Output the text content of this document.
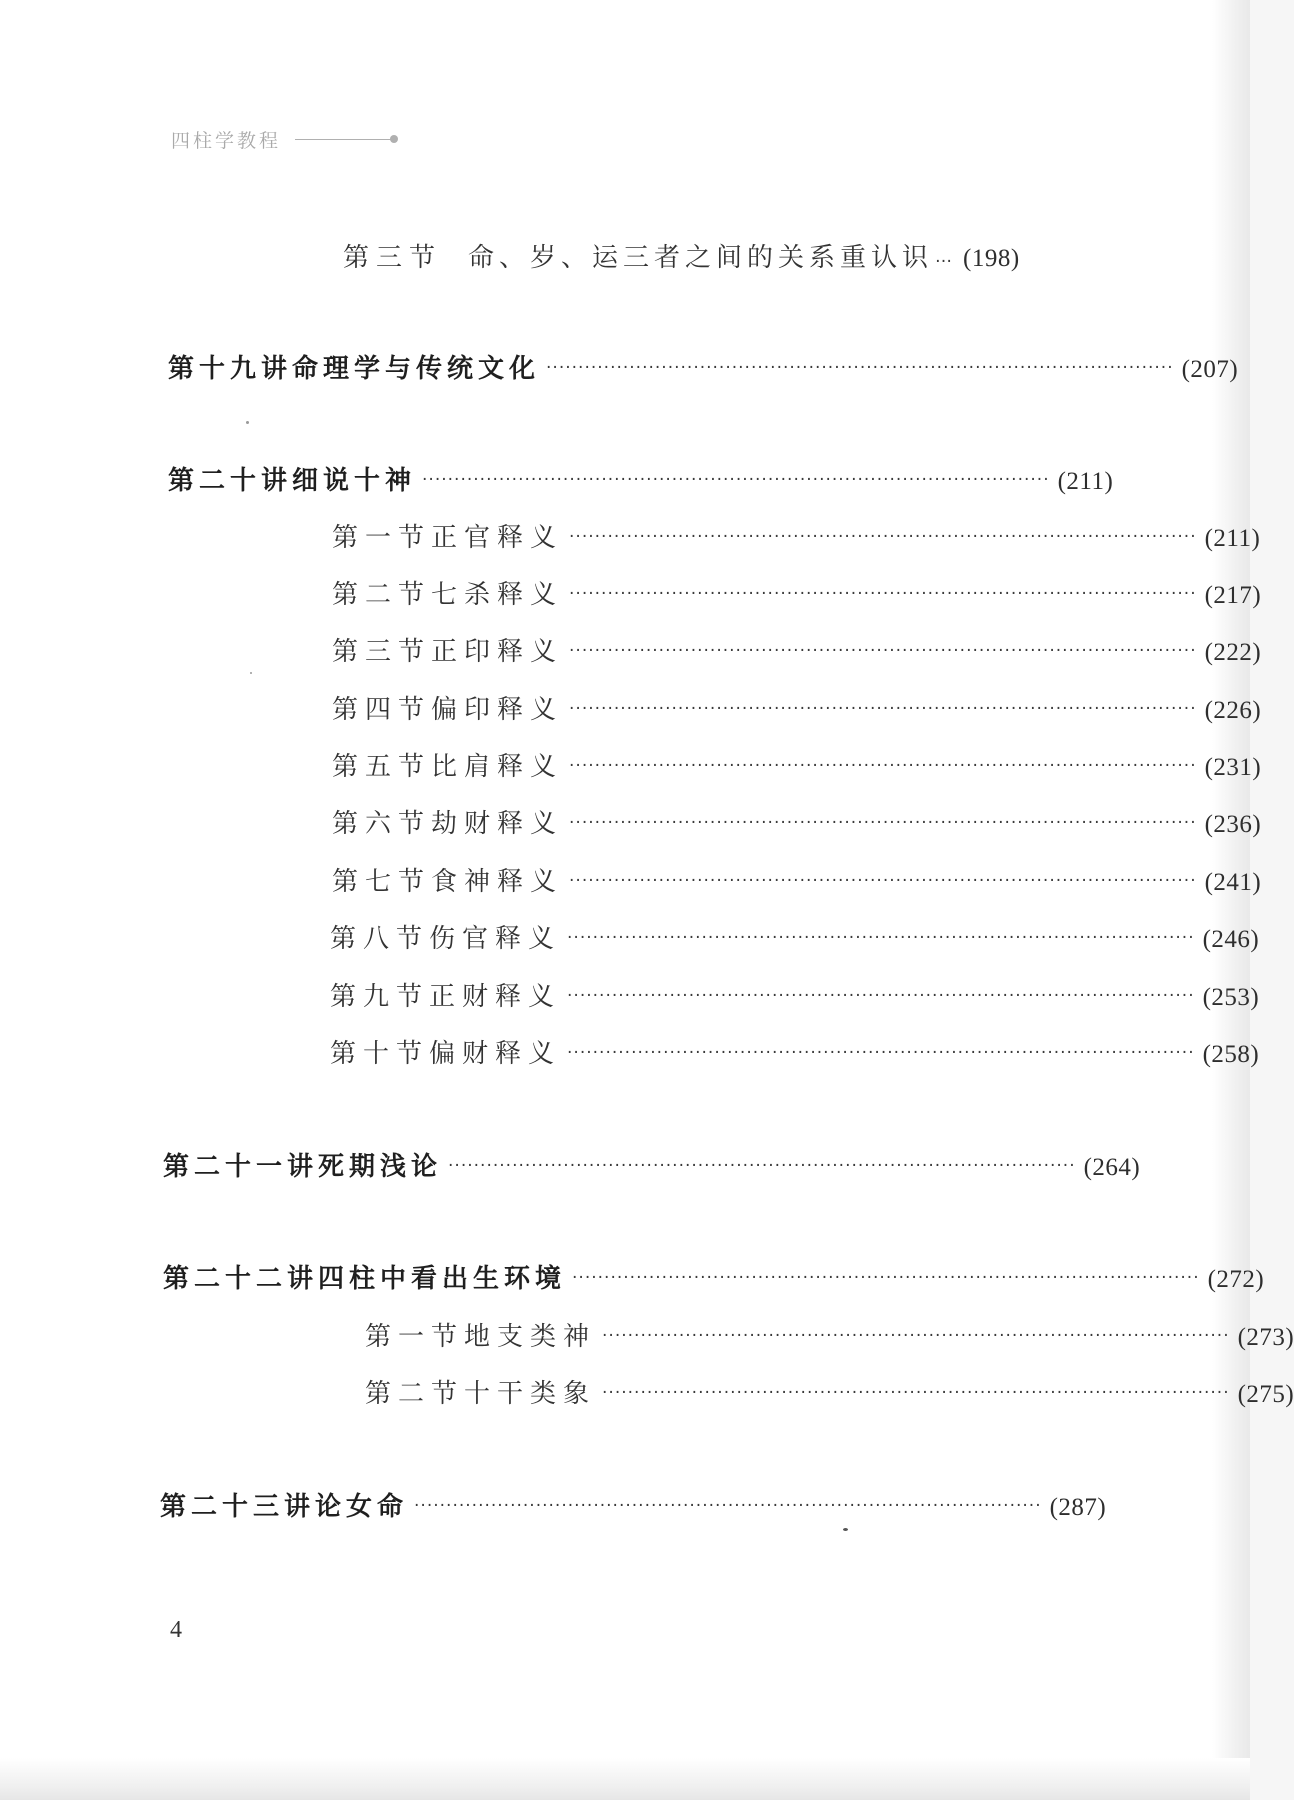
四柱学教程
第三节 命、岁、运三者之间的关系重认识 … (198)
第十九讲 命理学与传统文化 ·································································································· (207)
第二十讲 细说十神 ·································································································· (211)
第一节 正官释义 ·································································································· (211)
第二节 七杀释义 ·································································································· (217)
第三节 正印释义 ·································································································· (222)
第四节 偏印释义 ·································································································· (226)
第五节 比肩释义 ·································································································· (231)
第六节 劫财释义 ·································································································· (236)
第七节 食神释义 ·································································································· (241)
第八节 伤官释义 ·································································································· (246)
第九节 正财释义 ·································································································· (253)
第十节 偏财释义 ·································································································· (258)
第二十一讲 死期浅论 ·································································································· (264)
第二十二讲 四柱中看出生环境 ·································································································· (272)
第一节 地支类神 ·································································································· (273)
第二节 十干类象 ·································································································· (275)
第二十三讲 论女命 ·································································································· (287)
4
